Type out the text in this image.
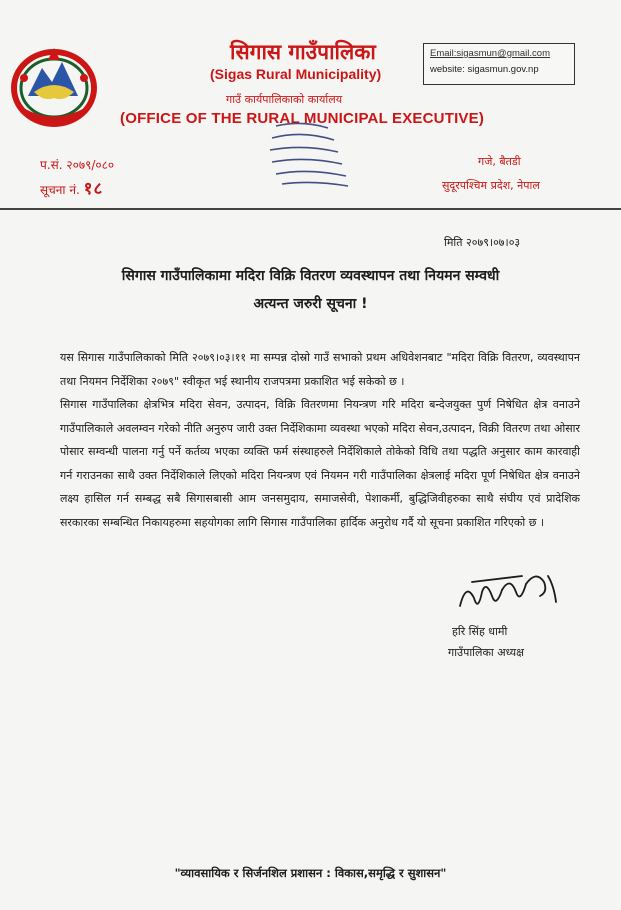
सिगास गाउँपालिका
(Sigas Rural Municipality)
गाउँ कार्यपालिकाको कार्यालय
(OFFICE OF THE RURAL MUNICIPAL EXECUTIVE)
Email:sigasmun@gmail.com
website: sigasmun.gov.np
प.सं. २०७९/०८०
सूचना नं. १८
गजे, बैतडी
सुदूरपश्चिम प्रदेश, नेपाल
मिति २०७९।०७।०३
सिगास गाउँपालिकामा मदिरा विक्रि वितरण व्यवस्थापन तथा नियमन सम्वधी
अत्यन्त जरुरी सूचना !

यस सिगास गाउँपालिकाको मिति २०७९।०३।११ मा सम्पन्न दोस्रो गाउँ सभाको प्रथम अधिवेशनबाट "मदिरा विक्रि वितरण, व्यवस्थापन तथा नियमन निर्देशिका २०७९" स्वीकृत भई स्थानीय राजपत्रमा प्रकाशित भई सकेको छ ।

सिगास गाउँपालिका क्षेत्रभित्र मदिरा सेवन, उत्पादन, विक्रि वितरणमा नियन्त्रण गरि मदिरा बन्देजयुक्त पुर्ण निषेधित क्षेत्र वनाउने गाउँपालिकाले अवलम्वन गरेको नीति अनुरुप जारी उक्त निर्देशिकामा व्यवस्था भएको मदिरा सेवन,उत्पादन, विक्री वितरण तथा ओसार पोसार सम्वन्धी पालना गर्नु पर्ने कर्तव्य भएका व्यक्ति फर्म संस्थाहरुले निर्देशिकाले तोकेको विधि तथा पद्धति अनुसार काम कारवाही गर्न गराउनका साथै उक्त निर्देशिकाले लिएको मदिरा नियन्त्रण एवं नियमन गरी गाउँपालिका क्षेत्रलाई मदिरा पूर्ण निषेधित क्षेत्र वनाउने लक्ष्य हासिल गर्न सम्बद्ध सबै सिगासबासी आम जनसमुदाय, समाजसेवी, पेशाकर्मी, बुद्धिजिवीहरुका साथै संघीय एवं प्रादेशिक सरकारका सम्बन्धित निकायहरुमा सहयोगका लागि सिगास गाउँपालिका हार्दिक अनुरोध गर्दै यो सूचना प्रकाशित गरिएको छ ।

हरि सिंह धामी
गाउँपालिका अध्यक्ष
"व्यावसायिक र सिर्जनशिल प्रशासन : विकास,समृद्धि र सुशासन"
